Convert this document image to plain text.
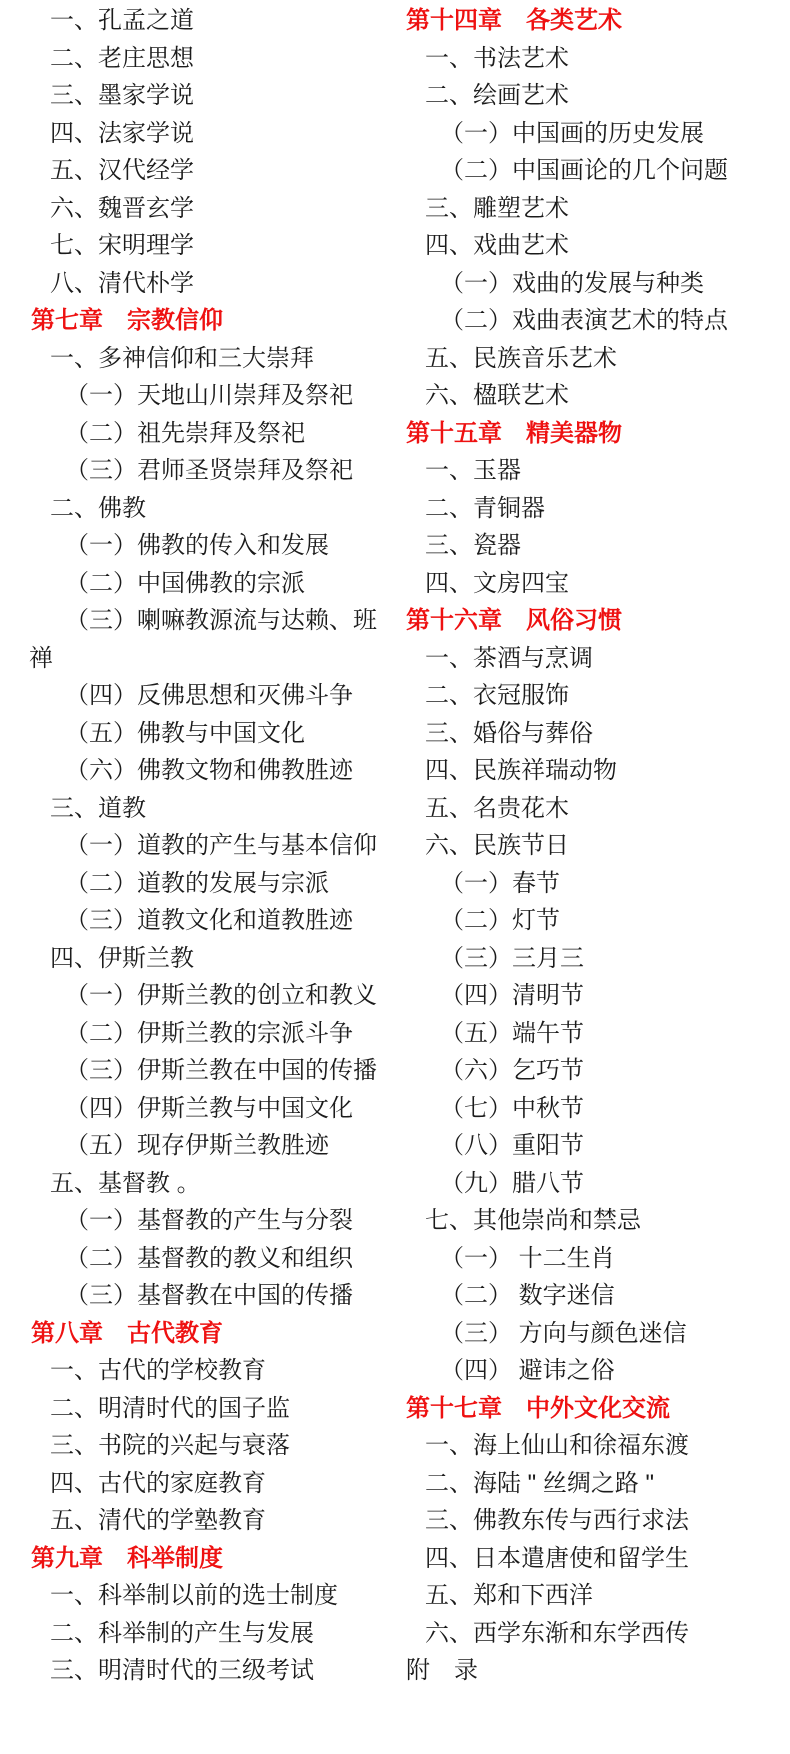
一、孔孟之道
二、老庄思想
三、墨家学说
四、法家学说
五、汉代经学
六、魏晋玄学
七、宋明理学
八、清代朴学
第七章　宗教信仰
一、多神信仰和三大崇拜
（一）天地山川崇拜及祭祀
（二）祖先崇拜及祭祀
（三）君师圣贤崇拜及祭祀
二、佛教
（一）佛教的传入和发展
（二）中国佛教的宗派
（三）喇嘛教源流与达赖、班
禅
（四）反佛思想和灭佛斗争
（五）佛教与中国文化
（六）佛教文物和佛教胜迹
三、道教
（一）道教的产生与基本信仰
（二）道教的发展与宗派
（三）道教文化和道教胜迹
四、伊斯兰教
（一）伊斯兰教的创立和教义
（二）伊斯兰教的宗派斗争
（三）伊斯兰教在中国的传播
（四）伊斯兰教与中国文化
（五）现存伊斯兰教胜迹
五、基督教 。
（一）基督教的产生与分裂
（二）基督教的教义和组织
（三）基督教在中国的传播
第八章　古代教育
一、古代的学校教育
二、明清时代的国子监
三、书院的兴起与衰落
四、古代的家庭教育
五、清代的学塾教育
第九章　科举制度
一、科举制以前的选士制度
二、科举制的产生与发展
三、明清时代的三级考试
第十四章　各类艺术
一、书法艺术
二、绘画艺术
（一）中国画的历史发展
（二）中国画论的几个问题
三、雕塑艺术
四、戏曲艺术
（一）戏曲的发展与种类
（二）戏曲表演艺术的特点
五、民族音乐艺术
六、楹联艺术
第十五章　精美器物
一、玉器
二、青铜器
三、瓷器
四、文房四宝
第十六章　风俗习惯
一、茶酒与烹调
二、衣冠服饰
三、婚俗与葬俗
四、民族祥瑞动物
五、名贵花木
六、民族节日
（一）春节
（二）灯节
（三）三月三
（四）清明节
（五）端午节
（六）乞巧节
（七）中秋节
（八）重阳节
（九）腊八节
七、其他崇尚和禁忌
（一） 十二生肖
（二） 数字迷信
（三） 方向与颜色迷信
（四） 避讳之俗
第十七章　中外文化交流
一、海上仙山和徐福东渡
二、海陆 " 丝绸之路 "
三、佛教东传与西行求法
四、日本遣唐使和留学生
五、郑和下西洋
六、西学东渐和东学西传
附　录
